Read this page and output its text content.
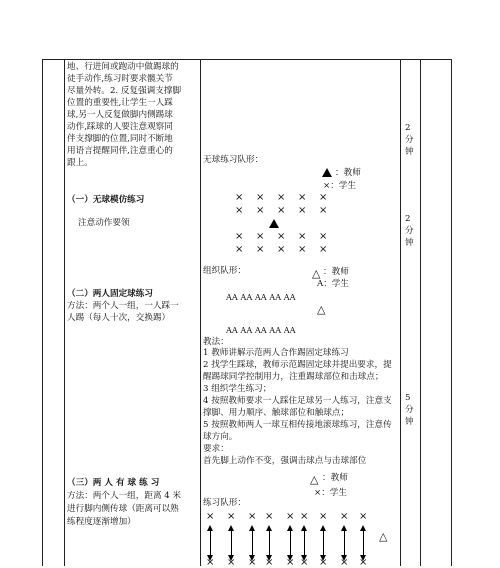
地、行进间或跑动中做踢球的
徒手动作,练习时要求髋关节
尽量外转。2. 反复强调支撑脚
位置的重要性,让学生一人踩
球,另一人反复做脚内侧踢球
动作,踩球的人要注意观察同
伴支撑脚的位置,同时不断地
用语言提醒同伴,注意重心的
跟上。
（一）无球模仿练习
注意动作要领
（二）两人固定球练习
方法：两个人一组，一人踩一
人踢（每人十次，交换踢）
（三）两 人 有 球 练 习
方法：两个人一组，距离 4 米
进行脚内侧传球（距离可以熟
练程度逐渐增加）
无球练习队形：
：教师
×：学生
× × × × ×
× × × × ×
× × × × ×
× × × × ×
组织队形：	△ ：教师
A：学生
AA AA AA AA AA
△
AA AA AA AA AA
教法：
1 教师讲解示范两人合作踢固定球练习
2 找学生踩球，教师示范踢固定球并提出要求，提
醒踢球同学控制用力，注重踢球部位和击球点；
3 组织学生练习；
4 按照教师要求一人踩住足球另一人练习，注意支
撑脚、用力顺序、触球部位和触球点；
5 按照教师两人一球互相传接地滚球练习，注意传
球方向。
要求：
首先脚上动作不变，强调击球点与击球部位
△ ：教师
×：学生
练习队形：
× × × × × × × × ×
× × × × × × × × ×
△
2
分
钟
2
分
钟
5
分
钟
